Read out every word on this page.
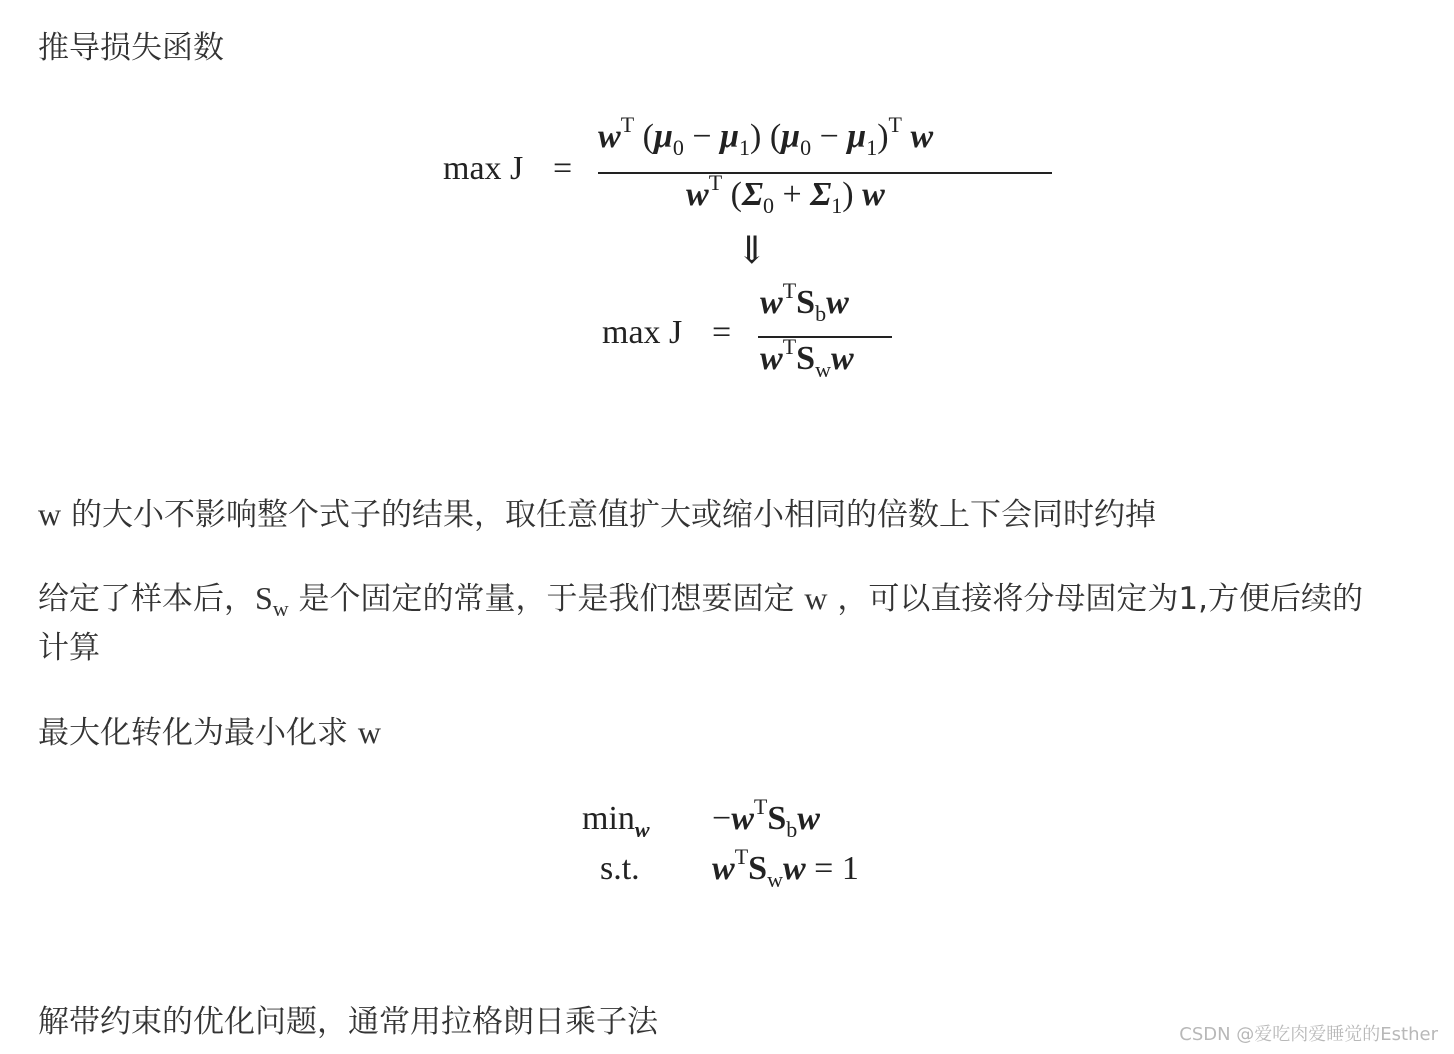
推导损失函数
max J =
$w^T$ $(\mu_0 - \mu_1) (\mu_0 - \mu_1)^T$ w
$w^T$ $(\Sigma_0 + \Sigma_1)$ w
⇓
max J =
$w^TS_bw$
$w^TS_ww$
w 的大小不影响整个式子的结果，取任意值扩大或缩小相同的倍数上下会同时约掉
给定了样本后，$S_w$ 是个固定的常量，于是我们想要固定 w ，可以直接将分母固定为1,方便后续的
计算
最大化转化为最小化求 w
$\min_w -w^TS_bw$
s.t. $w^TS_ww = 1$
解带约束的优化问题，通常用拉格朗日乘子法	CSDN @爱吃肉爱睡觉的Esther
